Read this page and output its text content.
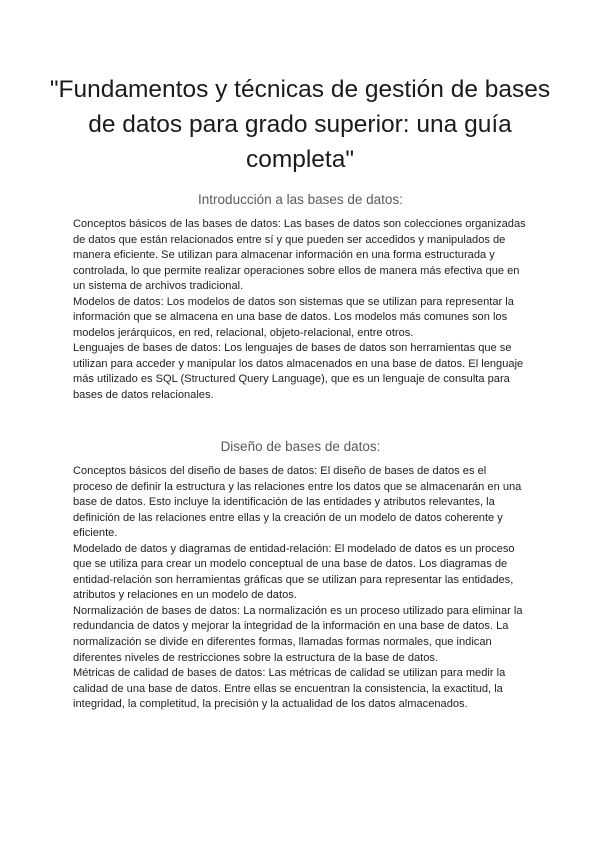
"Fundamentos y técnicas de gestión de bases de datos para grado superior: una guía completa"
Introducción a las bases de datos:

Conceptos básicos de las bases de datos: Las bases de datos son colecciones organizadas de datos que están relacionados entre sí y que pueden ser accedidos y manipulados de manera eficiente. Se utilizan para almacenar información en una forma estructurada y controlada, lo que permite realizar operaciones sobre ellos de manera más efectiva que en un sistema de archivos tradicional.

Modelos de datos: Los modelos de datos son sistemas que se utilizan para representar la información que se almacena en una base de datos. Los modelos más comunes son los modelos jerárquicos, en red, relacional, objeto-relacional, entre otros.

Lenguajes de bases de datos: Los lenguajes de bases de datos son herramientas que se utilizan para acceder y manipular los datos almacenados en una base de datos. El lenguaje más utilizado es SQL (Structured Query Language), que es un lenguaje de consulta para bases de datos relacionales.

Diseño de bases de datos:

Conceptos básicos del diseño de bases de datos: El diseño de bases de datos es el proceso de definir la estructura y las relaciones entre los datos que se almacenarán en una base de datos. Esto incluye la identificación de las entidades y atributos relevantes, la definición de las relaciones entre ellas y la creación de un modelo de datos coherente y eficiente.

Modelado de datos y diagramas de entidad-relación: El modelado de datos es un proceso que se utiliza para crear un modelo conceptual de una base de datos. Los diagramas de entidad-relación son herramientas gráficas que se utilizan para representar las entidades, atributos y relaciones en un modelo de datos.

Normalización de bases de datos: La normalización es un proceso utilizado para eliminar la redundancia de datos y mejorar la integridad de la información en una base de datos. La normalización se divide en diferentes formas, llamadas formas normales, que indican diferentes niveles de restricciones sobre la estructura de la base de datos.

Métricas de calidad de bases de datos: Las métricas de calidad se utilizan para medir la calidad de una base de datos. Entre ellas se encuentran la consistencia, la exactitud, la integridad, la completitud, la precisión y la actualidad de los datos almacenados.
